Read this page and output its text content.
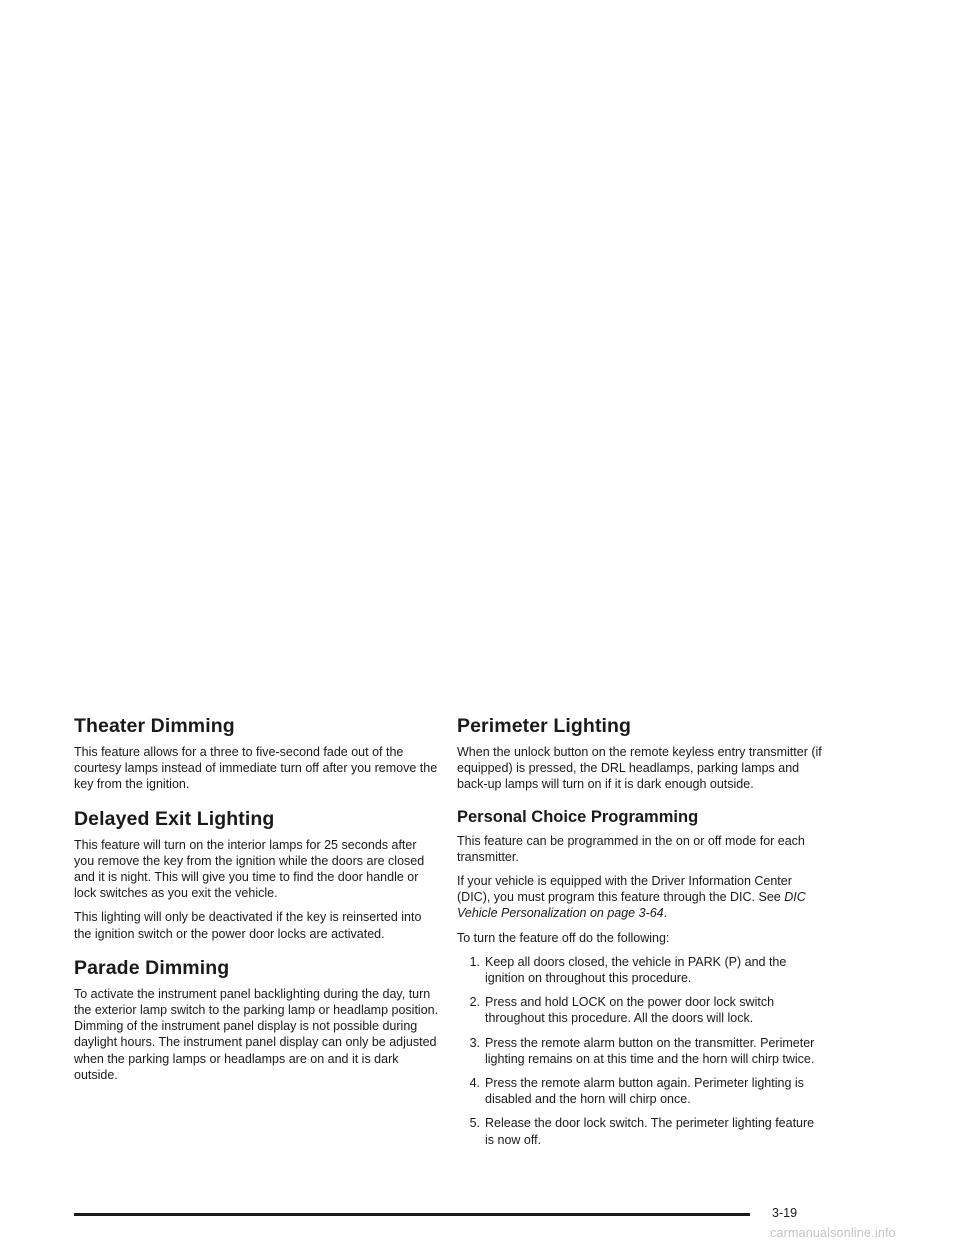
Theater Dimming

This feature allows for a three to five-second fade out of the courtesy lamps instead of immediate turn off after you remove the key from the ignition.

Delayed Exit Lighting

This feature will turn on the interior lamps for 25 seconds after you remove the key from the ignition while the doors are closed and it is night. This will give you time to find the door handle or lock switches as you exit the vehicle.

This lighting will only be deactivated if the key is reinserted into the ignition switch or the power door locks are activated.

Parade Dimming

To activate the instrument panel backlighting during the day, turn the exterior lamp switch to the parking lamp or headlamp position. Dimming of the instrument panel display is not possible during daylight hours. The instrument panel display can only be adjusted when the parking lamps or headlamps are on and it is dark outside.

Perimeter Lighting

When the unlock button on the remote keyless entry transmitter (if equipped) is pressed, the DRL headlamps, parking lamps and back-up lamps will turn on if it is dark enough outside.

Personal Choice Programming

This feature can be programmed in the on or off mode for each transmitter.

If your vehicle is equipped with the Driver Information Center (DIC), you must program this feature through the DIC. See DIC Vehicle Personalization on page 3-64.

To turn the feature off do the following:

1. Keep all doors closed, the vehicle in PARK (P) and the ignition on throughout this procedure.
2. Press and hold LOCK on the power door lock switch throughout this procedure. All the doors will lock.
3. Press the remote alarm button on the transmitter. Perimeter lighting remains on at this time and the horn will chirp twice.
4. Press the remote alarm button again. Perimeter lighting is disabled and the horn will chirp once.
5. Release the door lock switch. The perimeter lighting feature is now off.
3-19
carmanualsonline.info
